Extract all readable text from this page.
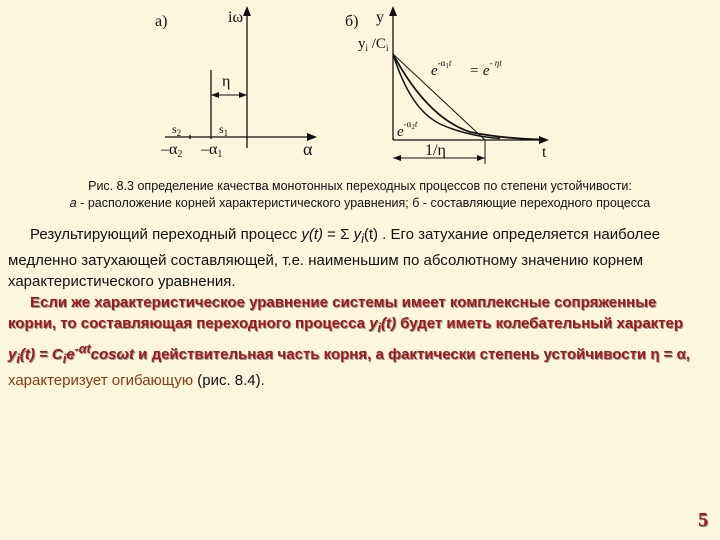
а)	iω
α
η
$s_2$	$s_1$
–α2 –α1
б) y
t
$y_i$ $/C_i$
$e^{-\alpha}1t = e^{- \eta t}$
$e^{-\alpha}2t$
1/η
Рис. 8.3 определение качества монотонных переходных процессов по степени устойчивости:
а - расположение корней характеристического уравнения; б - составляющие переходного процесса

Результирующий переходный процесс y(t) = Σ $y_i(t)$ . Его затухание определяется наиболее медленно затухающей составляющей, т.е. наименьшим по абсолютному значению корнем характеристического уравнения.

Если же характеристическое уравнение системы имеет комплексные сопряженные корни, то составляющая переходного процесса $y_i(t)$ будет иметь колебательный характер
$y_i(t) = C_ie^{-\alpha t}\cos\omega t$ и действительная часть корня, а фактически степень устойчивости η = α,
характеризует огибающую (рис. 8.4).

5
